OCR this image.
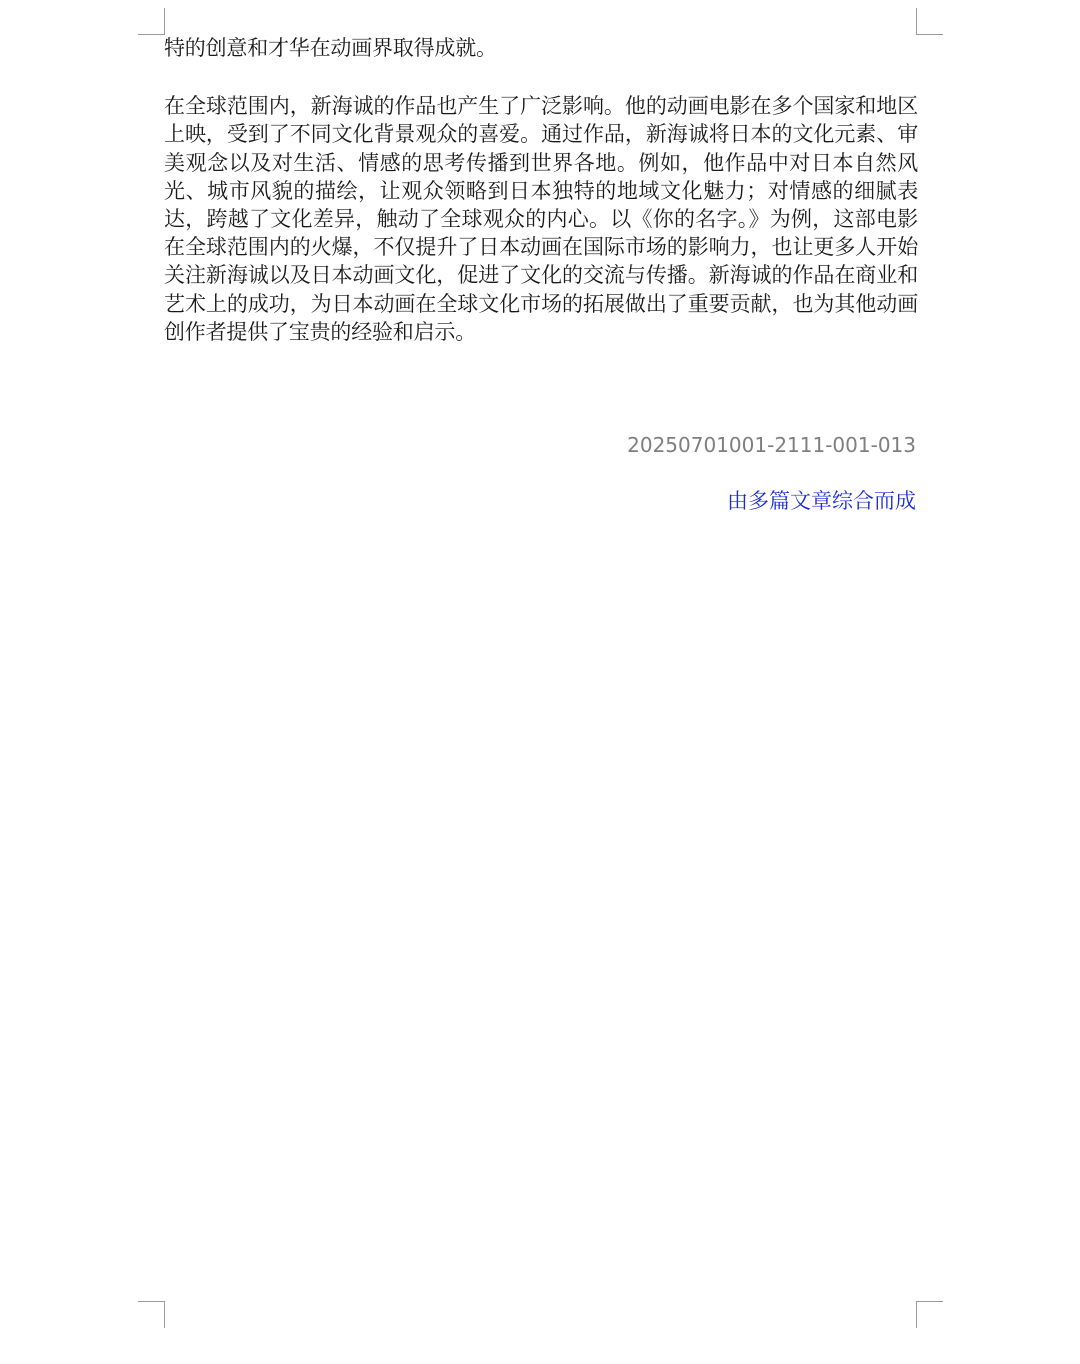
特的创意和才华在动画界取得成就。

在全球范围内，新海诚的作品也产生了广泛影响。他的动画电影在多个国家和地区上映，受到了不同文化背景观众的喜爱。通过作品，新海诚将日本的文化元素、审美观念以及对生活、情感的思考传播到世界各地。例如，他作品中对日本自然风光、城市风貌的描绘，让观众领略到日本独特的地域文化魅力；对情感的细腻表达，跨越了文化差异，触动了全球观众的内心。以《你的名字。》为例，这部电影在全球范围内的火爆，不仅提升了日本动画在国际市场的影响力，也让更多人开始关注新海诚以及日本动画文化，促进了文化的交流与传播。新海诚的作品在商业和艺术上的成功，为日本动画在全球文化市场的拓展做出了重要贡献，也为其他动画创作者提供了宝贵的经验和启示。

20250701001-2111-001-013
由多篇文章综合而成
